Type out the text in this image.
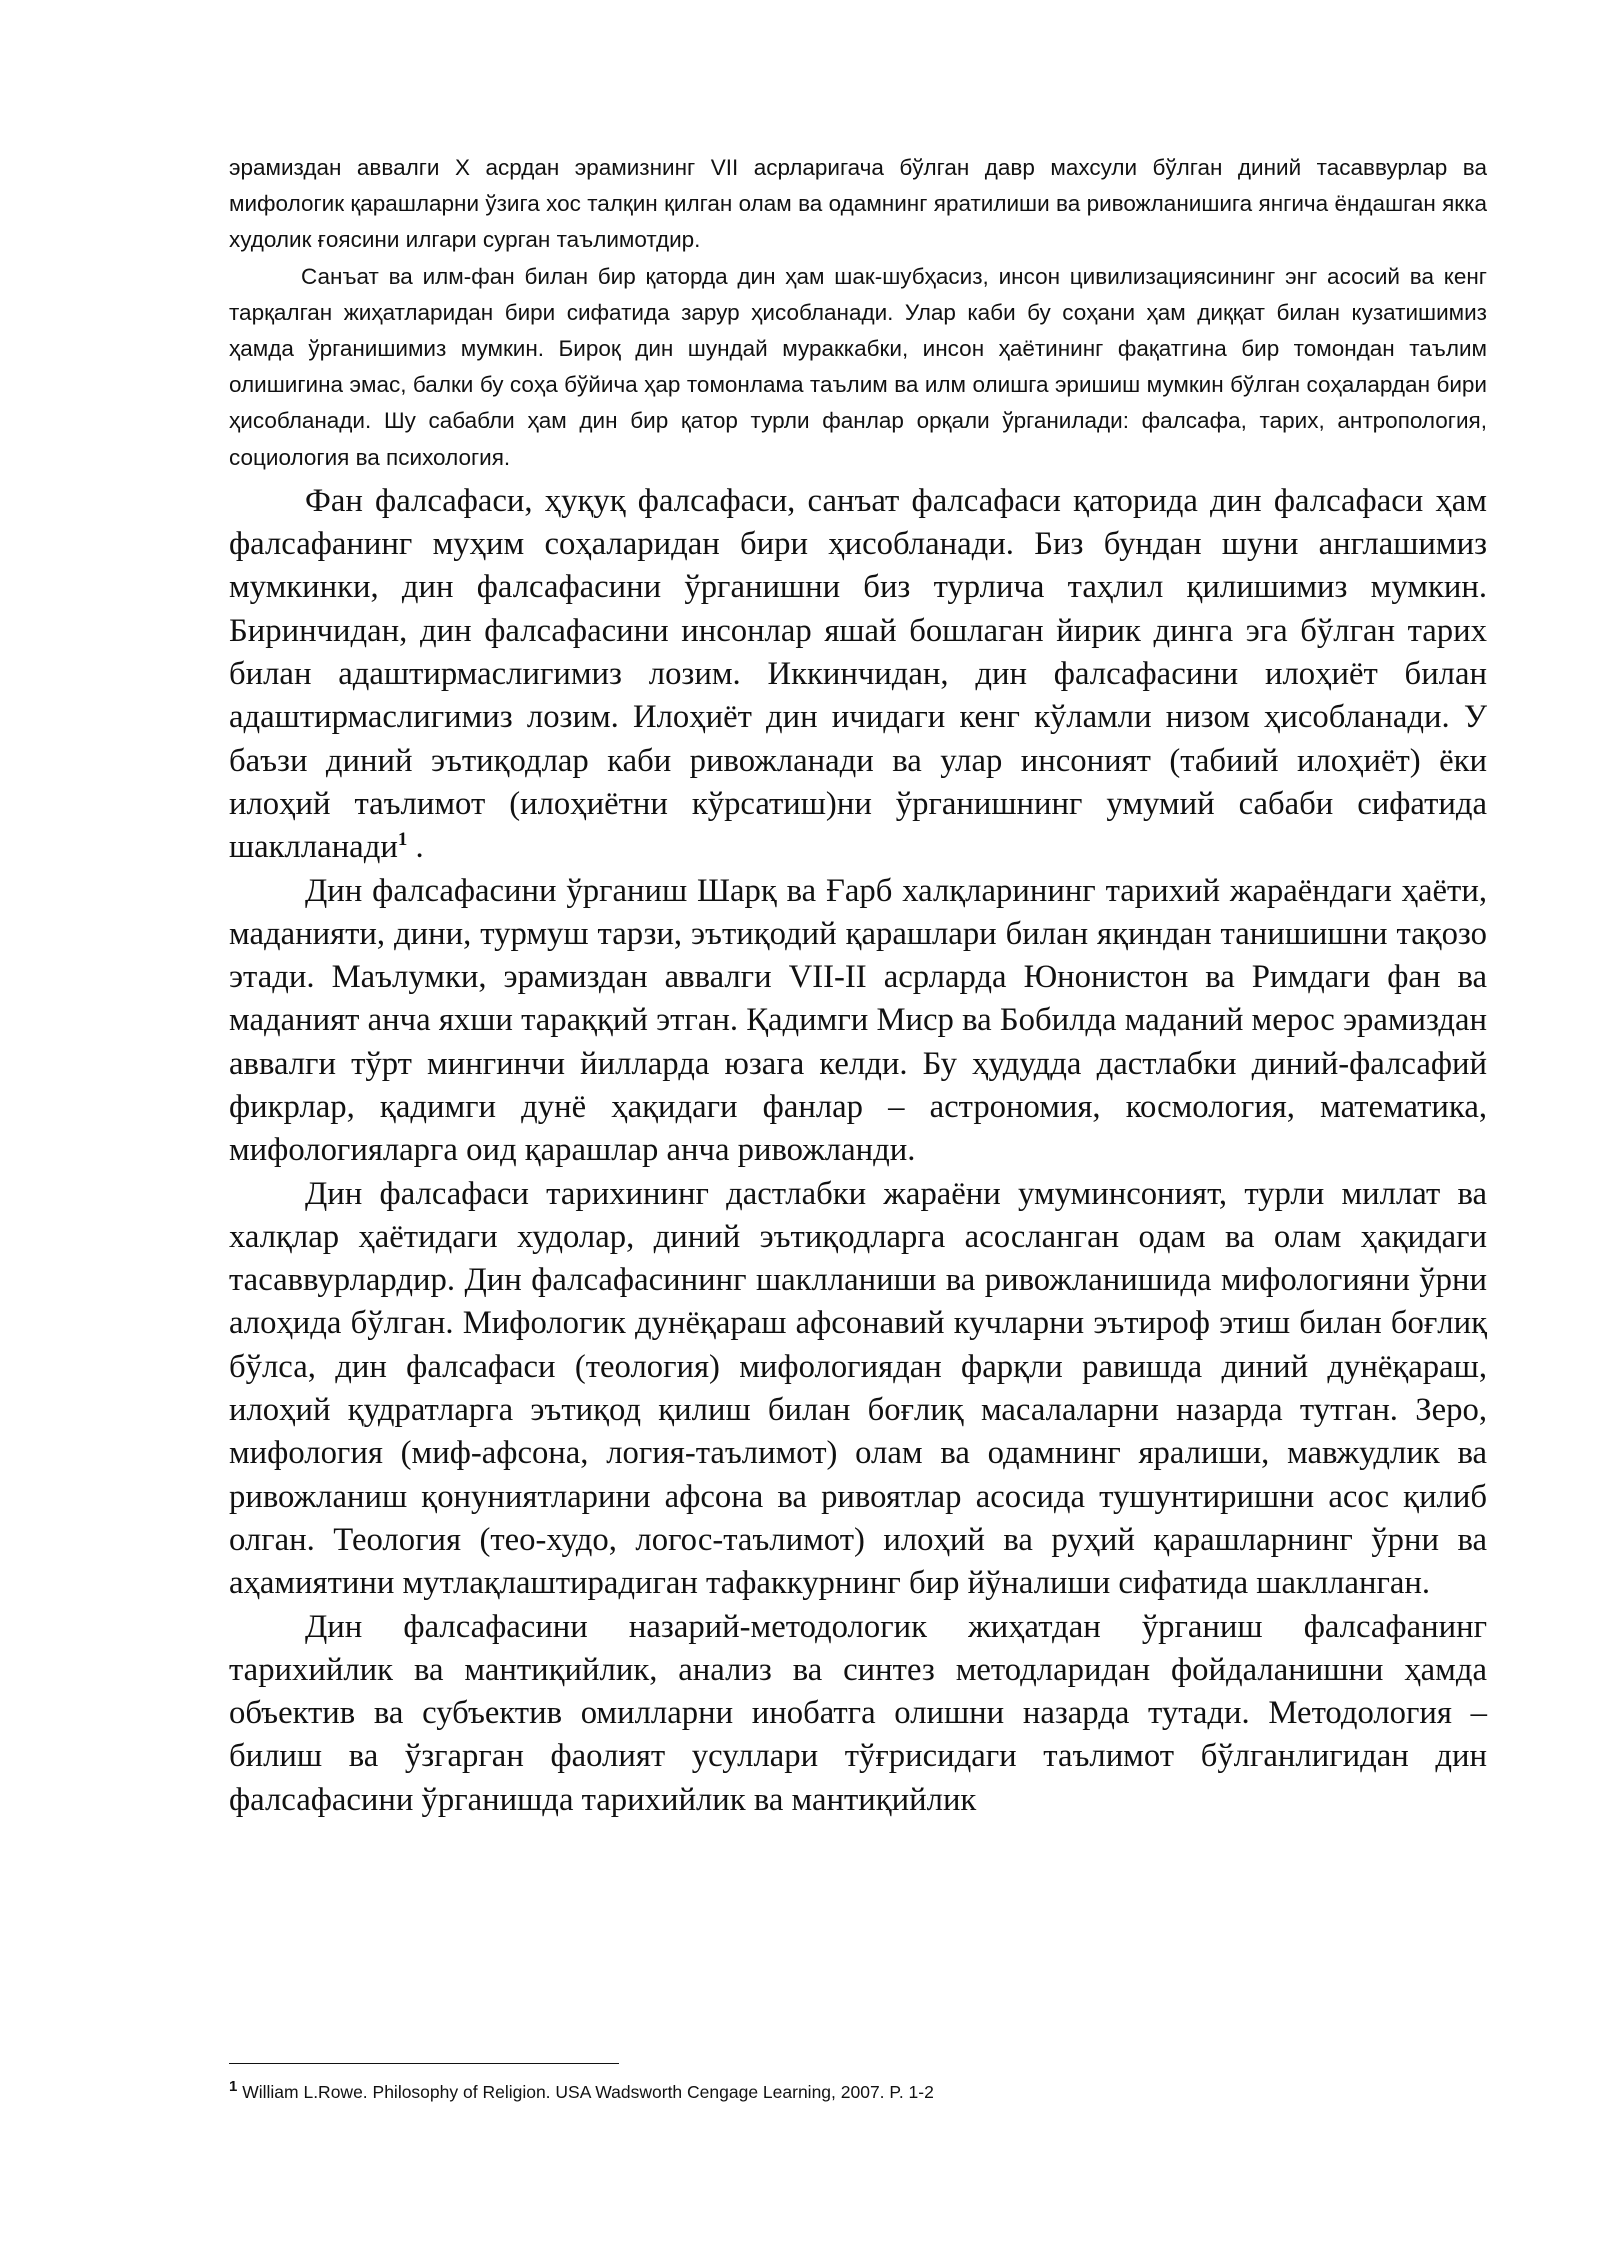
эрамиздан аввалги X асрдан эрамизнинг VII асрларигача бўлган давр махсули бўлган диний тасаввурлар ва мифологик қарашларни ўзига хос талқин қилган олам ва одамнинг яратилиши ва ривожланишига янгича ёндашган якка худолик ғоясини илгари сурган таълимотдир.

Санъат ва илм-фан билан бир қаторда дин ҳам шак-шубҳасиз, инсон цивилизациясининг энг асосий ва кенг тарқалган жиҳатларидан бири сифатида зарур ҳисобланади. Улар каби бу соҳани ҳам диққат билан кузатишимиз ҳамда ўрганишимиз мумкин. Бироқ дин шундай мураккабки, инсон ҳаётининг фақатгина бир томондан таълим олишигина эмас, балки бу соҳа бўйича ҳар томонлама таълим ва илм олишга эришиш мумкин бўлган соҳалардан бири ҳисобланади. Шу сабабли ҳам дин бир қатор турли фанлар орқали ўрганилади: фалсафа, тарих, антропология, социология ва психология.

Фан фалсафаси, ҳуқуқ фалсафаси, санъат фалсафаси қаторида дин фалсафаси ҳам фалсафанинг муҳим соҳаларидан бири ҳисобланади. Биз бундан шуни англашимиз мумкинки, дин фалсафасини ўрганишни биз турлича таҳлил қилишимиз мумкин. Биринчидан, дин фалсафасини инсонлар яшай бошлаган йирик динга эга бўлган тарих билан адаштирмаслигимиз лозим. Иккинчидан, дин фалсафасини илоҳиёт билан адаштирмаслигимиз лозим. Илоҳиёт дин ичидаги кенг кўламли низом ҳисобланади. У баъзи диний эътиқодлар каби ривожланади ва улар инсоният (табиий илоҳиёт) ёки илоҳий таълимот (илоҳиётни кўрсатиш)ни ўрганишнинг умумий сабаби сифатида шаклланади$^1$ .

Дин фалсафасини ўрганиш Шарқ ва Ғарб халқларининг тарихий жараёндаги ҳаёти, маданияти, дини, турмуш тарзи, эътиқодий қарашлари билан яқиндан танишишни тақозо этади. Маълумки, эрамиздан аввалги VII-II асрларда Юнонистон ва Римдаги фан ва маданият анча яхши тараққий этган. Қадимги Миср ва Бобилда маданий мерос эрамиздан аввалги тўрт мингинчи йилларда юзага келди. Бу ҳудудда дастлабки диний-фалсафий фикрлар, қадимги дунё ҳақидаги фанлар – астрономия, космология, математика, мифологияларга оид қарашлар анча ривожланди.

Дин фалсафаси тарихининг дастлабки жараёни умуминсоният, турли миллат ва халқлар ҳаётидаги худолар, диний эътиқодларга асосланган одам ва олам ҳақидаги тасаввурлардир. Дин фалсафасининг шаклланиши ва ривожланишида мифологияни ўрни алоҳида бўлган. Мифологик дунёқараш афсонавий кучларни эътироф этиш билан боғлиқ бўлса, дин фалсафаси (теология) мифологиядан фарқли равишда диний дунёқараш, илоҳий қудратларга эътиқод қилиш билан боғлиқ масалаларни назарда тутган. Зеро, мифология (миф-афсона, логия-таълимот) олам ва одамнинг яралиши, мавжудлик ва ривожланиш қонуниятларини афсона ва ривоятлар асосида тушунтиришни асос қилиб олган. Теология (тео-худо, логос-таълимот) илоҳий ва руҳий қарашларнинг ўрни ва аҳамиятини мутлақлаштирадиган тафаккурнинг бир йўналиши сифатида шаклланган.

Дин фалсафасини назарий-методологик жиҳатдан ўрганиш фалсафанинг тарихийлик ва мантиқийлик, анализ ва синтез методларидан фойдаланишни ҳамда объектив ва субъектив омилларни инобатга олишни назарда тутади. Методология – билиш ва ўзгарган фаолият усуллари тўғрисидаги таълимот бўлганлигидан дин фалсафасини ўрганишда тарихийлик ва мантиқийлик

1 William L.Rowe. Philosophy of Religion. USA Wadsworth Cengage Learning, 2007. P. 1-2
